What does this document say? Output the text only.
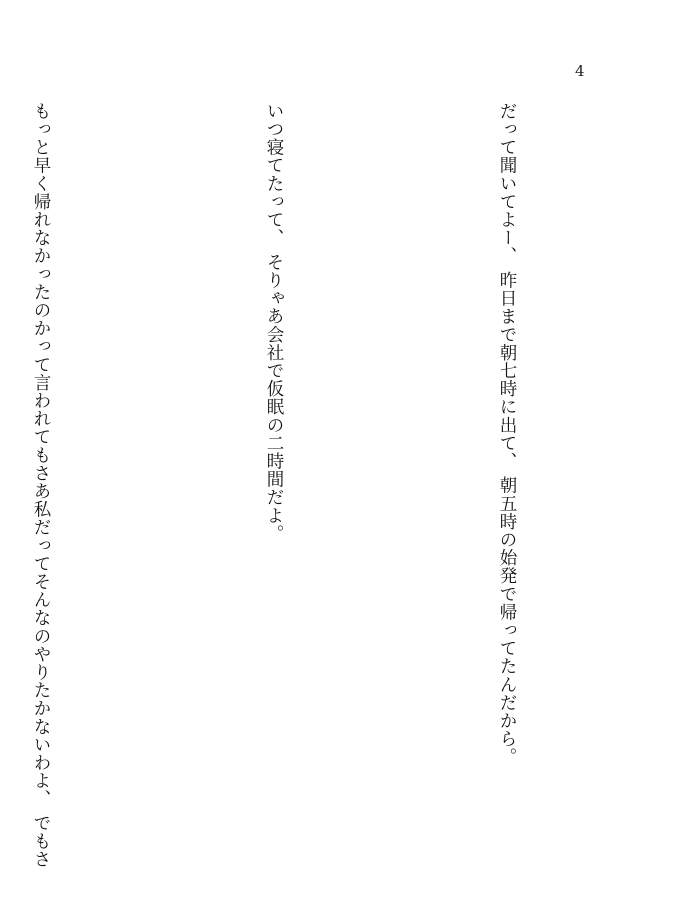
4

だって聞いてよー、 昨日まで朝七時に出て、 朝五時の始発で帰ってたんだから。

いつ寝てたって、 そりゃあ会社で仮眠の二時間だよ。

もっと早く帰れなかったのかって言われてもさあ私だってそんなのやりたかないわよ、 でもさ
